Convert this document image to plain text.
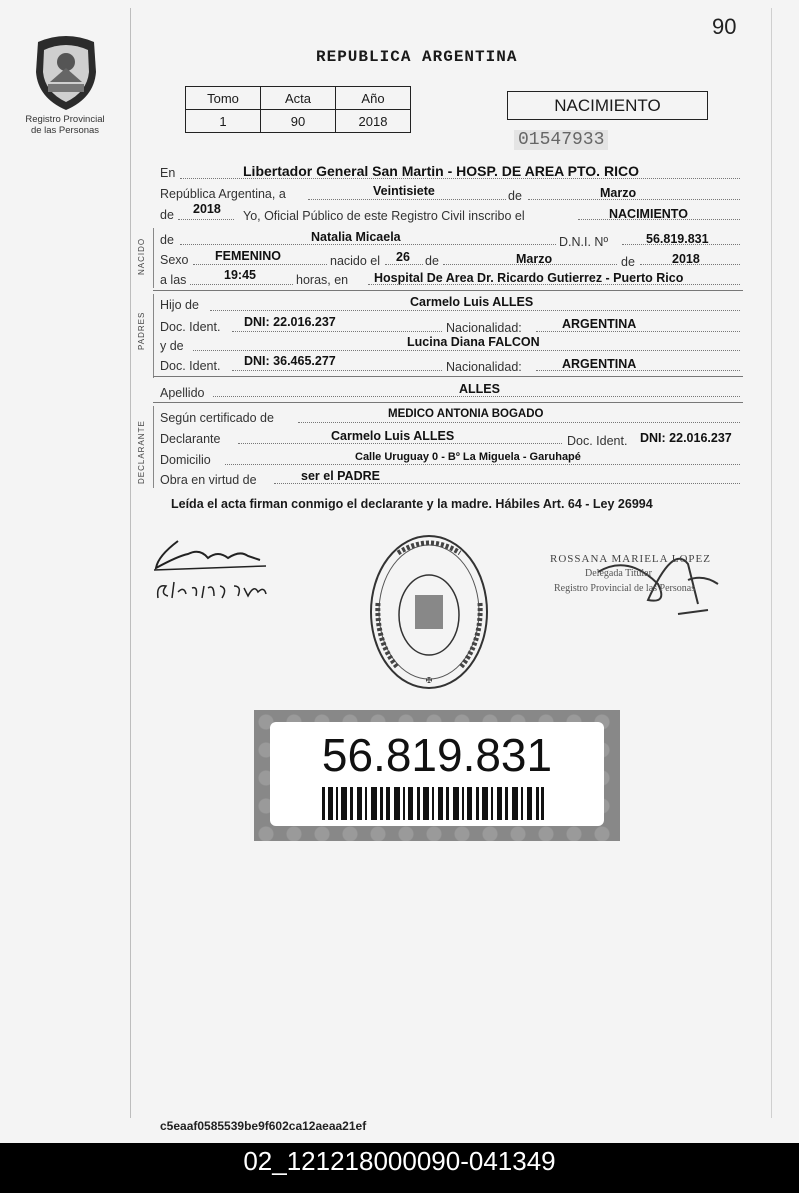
90
Registro Provincial
de las Personas
REPUBLICA ARGENTINA
Tomo	Acta	Año
1	90	2018
NACIMIENTO
01547933
En	Libertador General San Martin - HOSP. DE AREA PTO. RICO
República Argentina, a	Veintisiete	de	Marzo
de 2018 Yo, Oficial Público de este Registro Civil inscribo el	NACIMIENTO
NACIDO de	Natalia Micaela	D.N.I. Nº	56.819.831
Sexo FEMENINO	nacido el 26 de	Marzo	de	2018
a las	19:45	horas, en Hospital De Area Dr. Ricardo Gutierrez - Puerto Rico
PADRES
Hijo de	Carmelo Luis ALLES
Doc. Ident. DNI: 22.016.237	Nacionalidad:	ARGENTINA
y de	Lucina Diana FALCON
Doc. Ident. DNI: 36.465.277	Nacionalidad:	ARGENTINA
Apellido	ALLES
DECLARANTE
Según certificado de	MEDICO ANTONIA BOGADO
Declarante	Carmelo Luis ALLES	Doc. Ident. DNI: 22.016.237
Domicilio	Calle Uruguay 0 - Bº La Miguela - Garuhapé
Obra en virtud de	ser el PADRE
Leída el acta firman conmigo el declarante y la madre. Hábiles Art. 64 - Ley 26994
✠
ROSSANA MARIELA LOPEZ
Delegada Titular
Registro Provincial de las Personas
56.819.831
c5eaaf0585539be9f602ca12aeaa21ef
02_121218000090-041349
